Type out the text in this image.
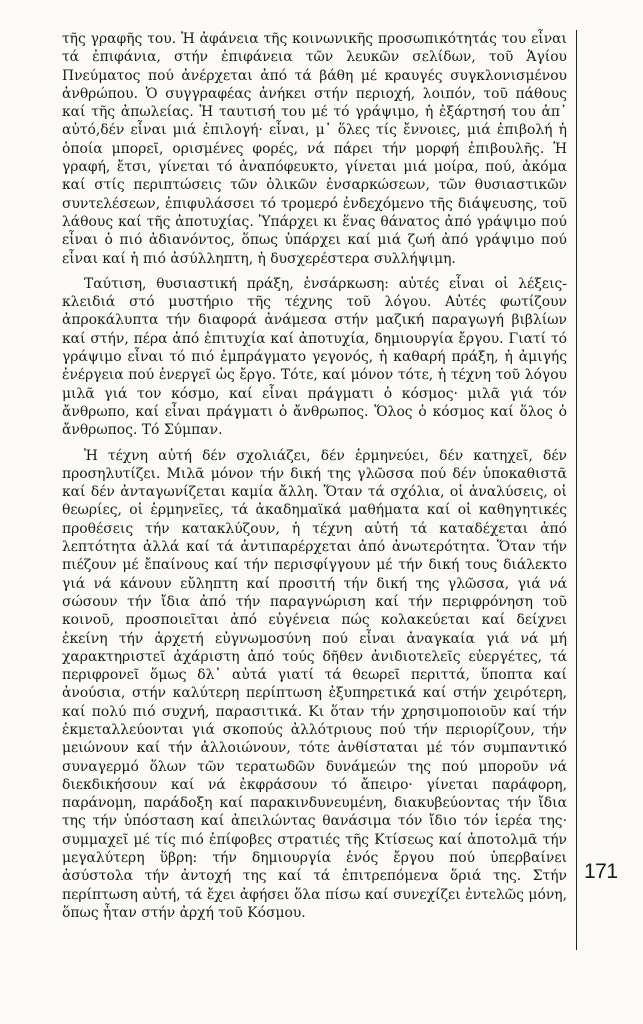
τῆς γραφῆς του. Ἡ ἀφάνεια τῆς κοινωνικῆς προσωπικότητάς του εἶναι τά ἐπιφάνια, στήν ἐπιφάνεια τῶν λευκῶν σελίδων, τοῦ Ἁγίου Πνεύματος πού ἀνέρχεται ἀπό τά βάθη μέ κραυγές συγκλονισμένου ἀνθρώπου. Ὁ συγγραφέας ἀνήκει στήν περιοχή, λοιπόν, τοῦ πάθους καί τῆς ἀπωλείας. Ἡ ταυτισή του μέ τό γράψιμο, ἡ ἐξάρτησή του ἀπ᾽ αὐτό,δέν εἶναι μιά ἐπιλογή· εἶναι, μ᾽ ὅλες τίς ἔννοιες, μιά ἐπιβολή ἡ ὁποία μπορεῖ, ορισμένες φορές, νά πάρει τήν μορφή ἐπιβουλῆς. Ἡ γραφή, ἔτσι, γίνεται τό ἀναπόφευκτο, γίνεται μιά μοίρα, πού, ἀκόμα καί στίς περιπτώσεις τῶν ὁλικῶν ἐνσαρκώσεων, τῶν θυσιαστικῶν συντελέσεων, ἐπιφυλάσσει τό τρομερό ἐνδεχόμενο τῆς διάψευσης, τοῦ λάθους καί τῆς ἀποτυχίας. Ὑπάρχει κι ἕνας θάνατος ἀπό γράψιμο πού εἶναι ὁ πιό ἀδιανόντος, ὅπως ὑπάρχει καί μιά ζωή ἀπό γράψιμο πού εἶναι καί ἡ πιό ἀσύλληπτη, ἡ δυσχερέστερα συλλήψιμη.

Ταύτιση, θυσιαστική πράξη, ἐνσάρκωση: αὐτές εἶναι οἱ λέξεις-κλειδιά στό μυστήριο τῆς τέχνης τοῦ λόγου. Αὐτές φωτίζουν ἀπροκάλυπτα τήν διαφορά ἀνάμεσα στήν μαζική παραγωγή βιβλίων καί στήν, πέρα ἀπό ἐπιτυχία καί ἀποτυχία, δημιουργία ἔργου. Γιατί τό γράψιμο εἶναι τό πιό ἐμπράγματο γεγονός, ἡ καθαρή πράξη, ἡ ἀμιγής ἐνέργεια πού ἐνεργεῖ ὡς ἔργο. Τότε, καί μόνον τότε, ἡ τέχνη τοῦ λόγου μιλᾶ γιά τον κόσμο, καί εἶναι πράγματι ὁ κόσμος· μιλᾶ γιά τόν ἄνθρωπο, καί εἶναι πράγματι ὁ ἄνθρωπος. Ὅλος ὁ κόσμος καί ὅλος ὁ ἄνθρωπος. Τό Σύμπαν.

Ἡ τέχνη αὐτή δέν σχολιάζει, δέν ἑρμηνεύει, δέν κατηχεῖ, δέν προσηλυτίζει. Μιλᾶ μόνον τήν δική της γλῶσσα πού δέν ὑποκαθιστᾶ καί δέν ἀνταγωνίζεται καμία ἄλλη. Ὅταν τά σχόλια, οἱ ἀναλύσεις, οἱ θεωρίες, οἱ ἑρμηνεῖες, τά ἀκαδημαϊκά μαθήματα καί οἱ καθηγητικές προθέσεις τήν κατακλύζουν, ἡ τέχνη αὐτή τά καταδέχεται ἀπό λεπτότητα ἀλλά καί τά ἀντιπαρέρχεται ἀπό ἀνωτερότητα. Ὅταν τήν πιέζουν μέ ἔπαίνους καί τήν περισφίγγουν μέ τήν δική τους διάλεκτο γιά νά κάνουν εὔληπτη καί προσιτή τήν δική της γλῶσσα, γιά νά σώσουν τήν ἴδια ἀπό τήν παραγνώριση καί τήν περιφρόνηση τοῦ κοινοῦ, προσποιεῖται ἀπό εὐγένεια πώς κολακεύεται καί δείχνει ἐκείνη τήν ἀρχετή εὐγνωμοσύνη πού εἶναι ἀναγκαία γιά νά μή χαρακτηριστεῖ ἀχάριστη ἀπό τούς δῆθεν ἀνιδιοτελεῖς εὐεργέτες, τά περιφρονεῖ ὅμως δλ᾽ αὐτά γιατί τά θεωρεῖ περιττά, ὕποπτα καί ἀνούσια, στήν καλύτερη περίπτωση ἐξυπηρετικά καί στήν χειρότερη, καί πολύ πιό συχνή, παρασιτικά. Κι ὅταν τήν χρησιμοποιοῦν καί τήν ἐκμεταλλεύονται γιά σκοπούς ἀλλότριους πού τήν περιορίζουν, τήν μειώνουν καί τήν ἀλλοιώνουν, τότε ἀνθίσταται μέ τόν συμπαντικό συναγερμό ὅλων τῶν τερατωδῶν δυνάμεών της πού μποροῦν νά διεκδικήσουν καί νά ἐκφράσουν τό ἄπειρο· γίνεται παράφορη, παράνομη, παράδοξη καί παρακινδυνευμένη, διακυβεύοντας τήν ἴδια της τήν ὑπόσταση καί ἀπειλώντας θανάσιμα τόν ἴδιο τόν ἱερέα της· συμμαχεῖ μέ τίς πιό ἐπίφοβες στρατιές τῆς Κτίσεως καί ἀποτολμᾶ τήν μεγαλύτερη ὕβρη: τήν δημιουργία ἑνός ἔργου πού ὑπερβαίνει ἀσύστολα τήν ἀντοχή της καί τά ἐπιτρεπόμενα ὅριά της. Στήν περίπτωση αὐτή, τά ἔχει ἀφήσει ὅλα πίσω καί συνεχίζει ἐντελῶς μόνη, ὅπως ἦταν στήν ἀρχή τοῦ Κόσμου.

171
